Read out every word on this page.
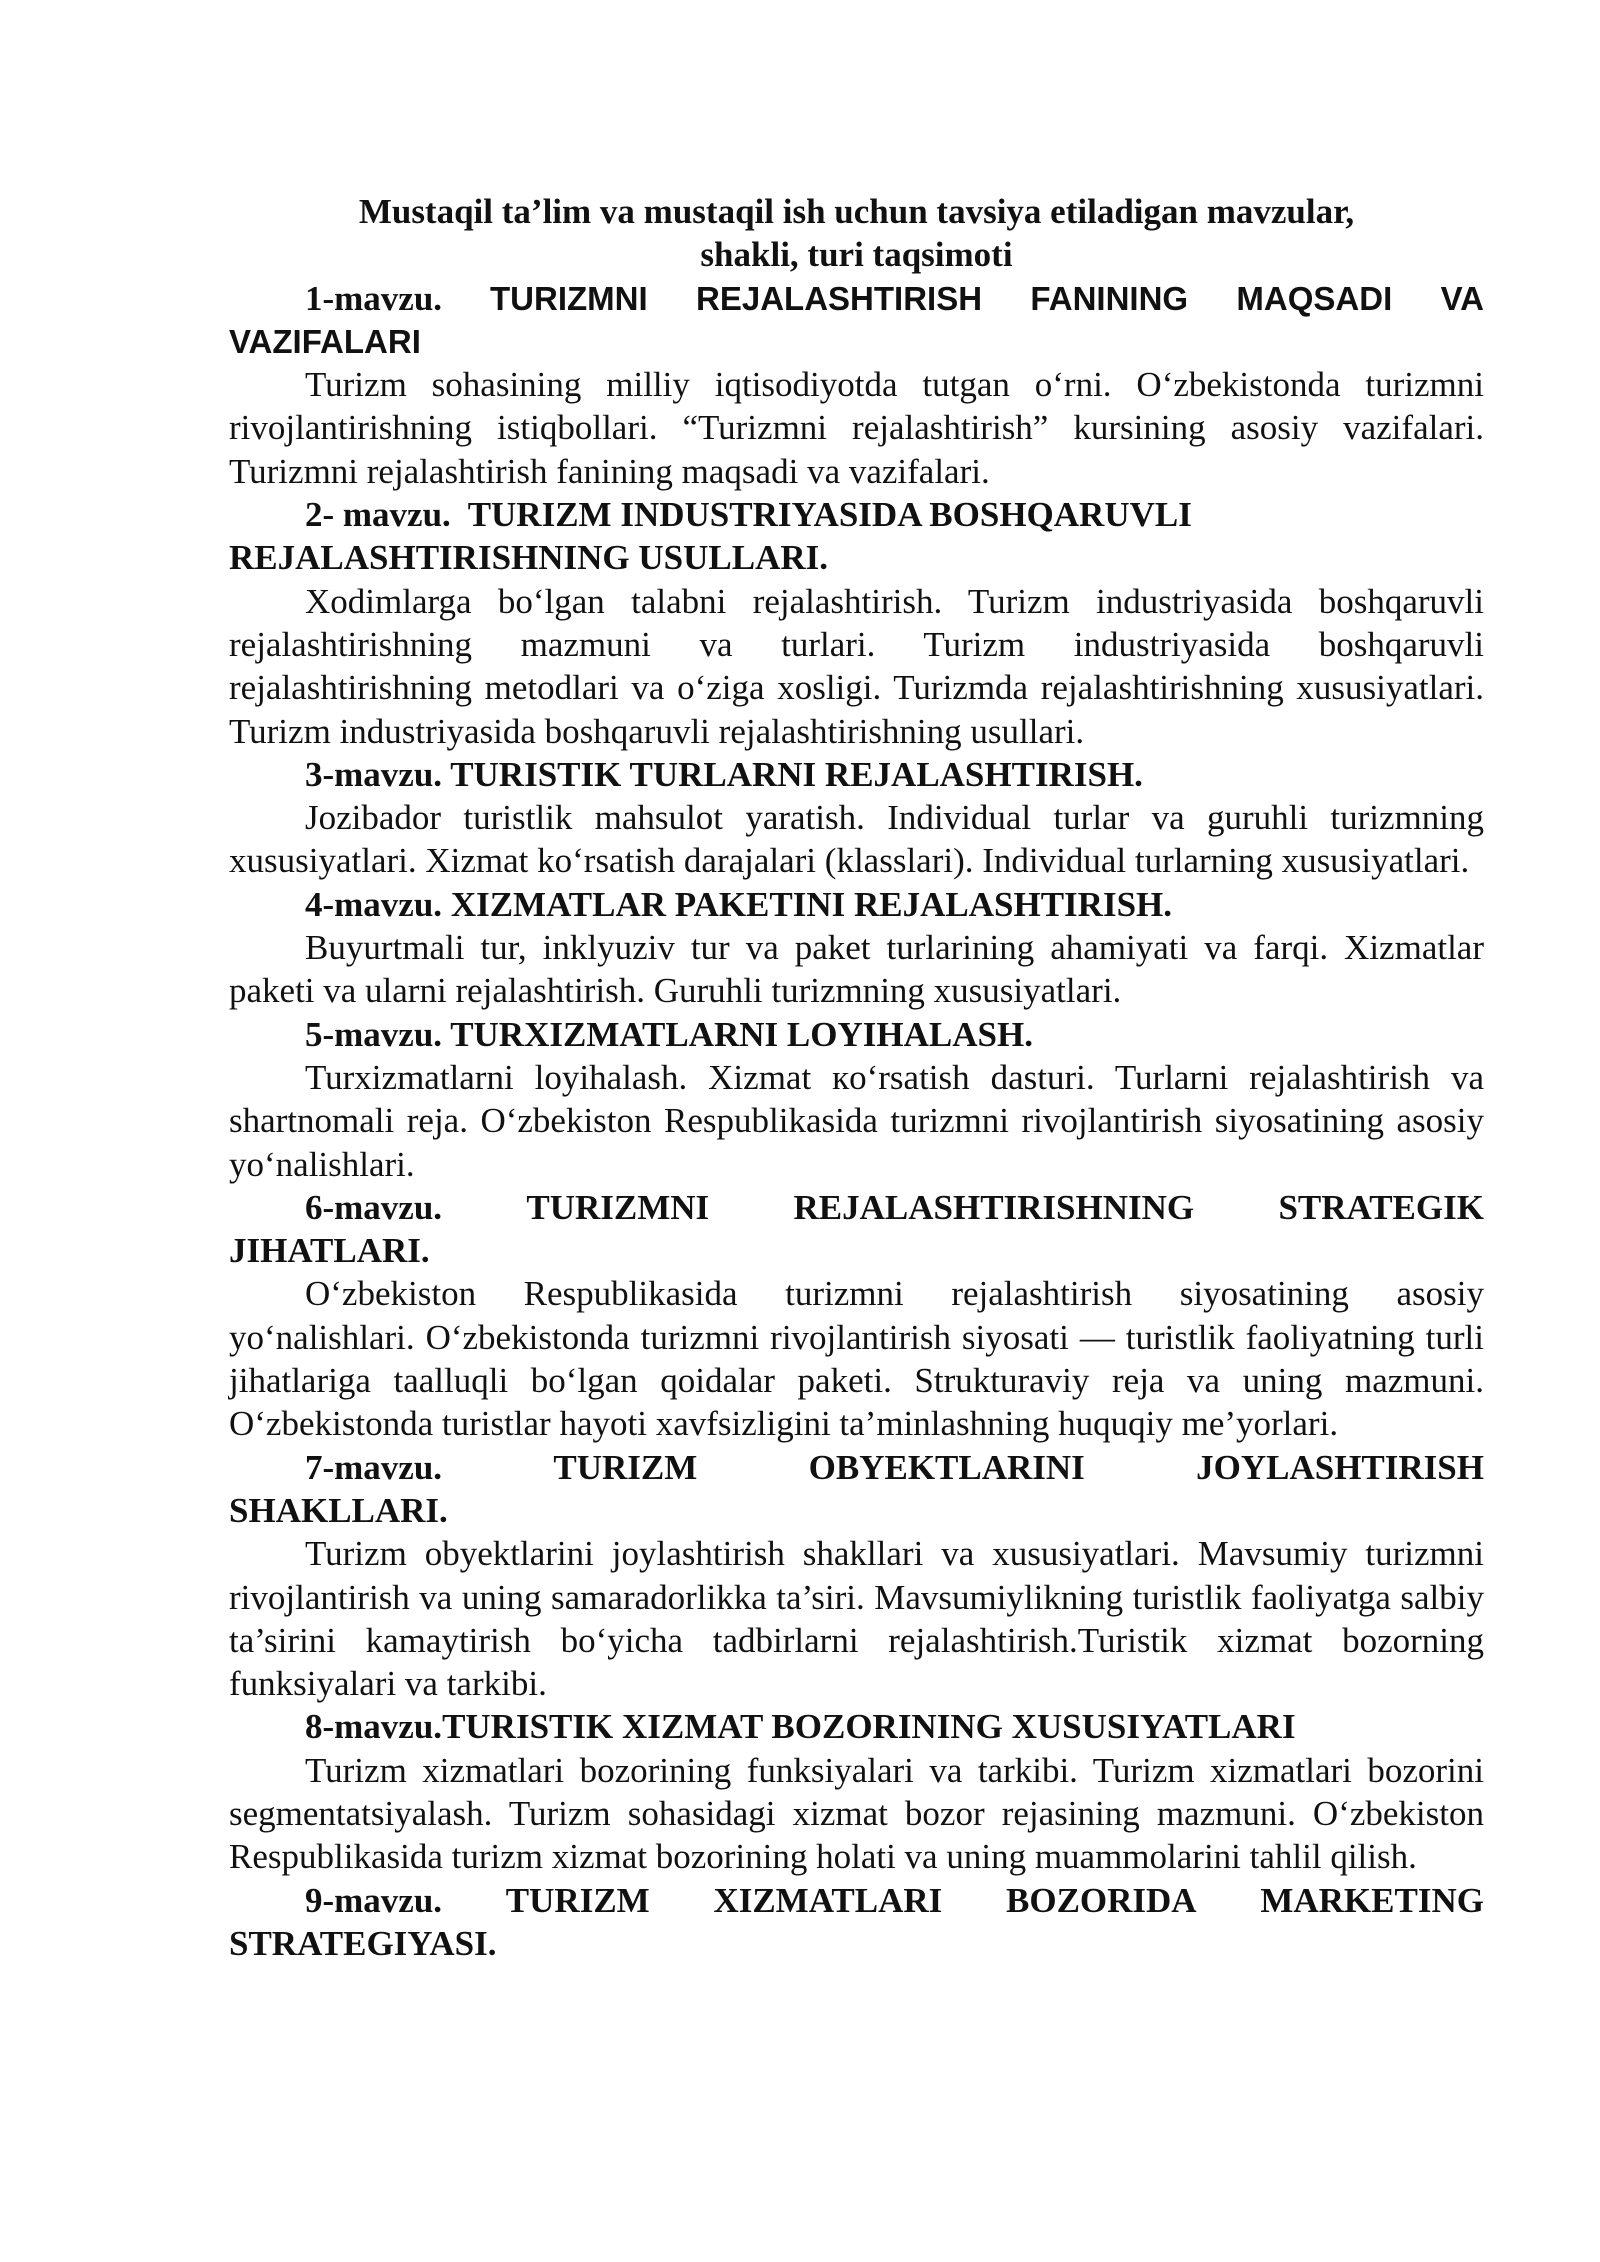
Mustaqil ta’lim va mustaqil ish uchun tavsiya etiladigan mavzular,
shakli, turi taqsimoti

1-mavzu. TURIZMNI REJALASHTIRISH FANINING MAQSADI VA VAZIFALARI

Turizm sohasining milliy iqtisodiyotda tutgan o‘rni. O‘zbekistonda turizmni rivojlantirishning istiqbollari. “Turizmni rejalashtirish” kursining asosiy vazifalari. Turizmni rejalashtirish fanining maqsadi va vazifalari.

2- mavzu. TURIZM INDUSTRIYASIDA BOSHQARUVLI
REJALASHTIRISHNING USULLARI.

Xodimlarga bo‘lgan talabni rejalashtirish. Turizm industriyasida boshqaruvli rejalashtirishning mazmuni va turlari. Turizm industriyasida boshqaruvli rejalashtirishning metodlari va o‘ziga xosligi. Turizmda rejalashtirishning xususiyatlari. Turizm industriyasida boshqaruvli rejalashtirishning usullari.

3-mavzu. TURISTIK TURLARNI REJALASHTIRISH.

Jozibador turistlik mahsulot yaratish. Individual turlar va guruhli turizmning xususiyatlari. Xizmat ko‘rsatish darajalari (klasslari). Individual turlarning xususiyatlari.

4-mavzu. XIZMATLAR PAKETINI REJALASHTIRISH.

Buyurtmali tur, inklyuziv tur va paket turlarining ahamiyati va farqi. Xizmatlar paketi va ularni rejalashtirish. Guruhli turizmning xususiyatlari.

5-mavzu. TURXIZMATLARNI LOYIHALASH.

Turxizmatlarni loyihalash. Xizmat кo‘rsatish dasturi. Turlarni rejalashtirish va shartnomali reja. O‘zbekiston Respublikasida turizmni rivojlantirish siyosatining asosiy yo‘nalishlari.

6-mavzu. TURIZMNI REJALASHTIRISHNING STRATEGIK
JIHATLARI.

O‘zbekiston Respublikasida turizmni rejalashtirish siyosatining asosiy yo‘nalishlari. O‘zbekistonda turizmni rivojlantirish siyosati — turistlik faoliyatning turli jihatlariga taalluqli bo‘lgan qoidalar paketi. Strukturaviy reja va uning mazmuni. O‘zbekistonda turistlar hayoti xavfsizligini ta’minlashning huquqiy me’yorlari.

7-mavzu.	TURIZM	OBYEKTLARINI	JOYLASHTIRISH
SHAKLLARI.

Turizm obyektlarini joylashtirish shakllari va xususiyatlari. Mavsumiy turizmni rivojlantirish va uning samaradorlikka ta’siri. Mavsumiylikning turistlik faoliyatga salbiy ta’sirini kamaytirish bo‘yicha tadbirlarni rejalashtirish.Turistik xizmat bozorning funksiyalari va tarkibi.

8-mavzu.TURISTIK XIZMAT BOZORINING XUSUSIYATLARI

Turizm xizmatlari bozorining funksiyalari va tarkibi. Turizm xizmatlari bozorini segmentatsiyalash. Turizm sohasidagi xizmat bozor rejasining mazmuni. O‘zbekiston Respublikasida turizm xizmat bozorining holati va uning muammolarini tahlil qilish.

9-mavzu. TURIZM XIZMATLARI BOZORIDA MARKETING
STRATEGIYASI.
